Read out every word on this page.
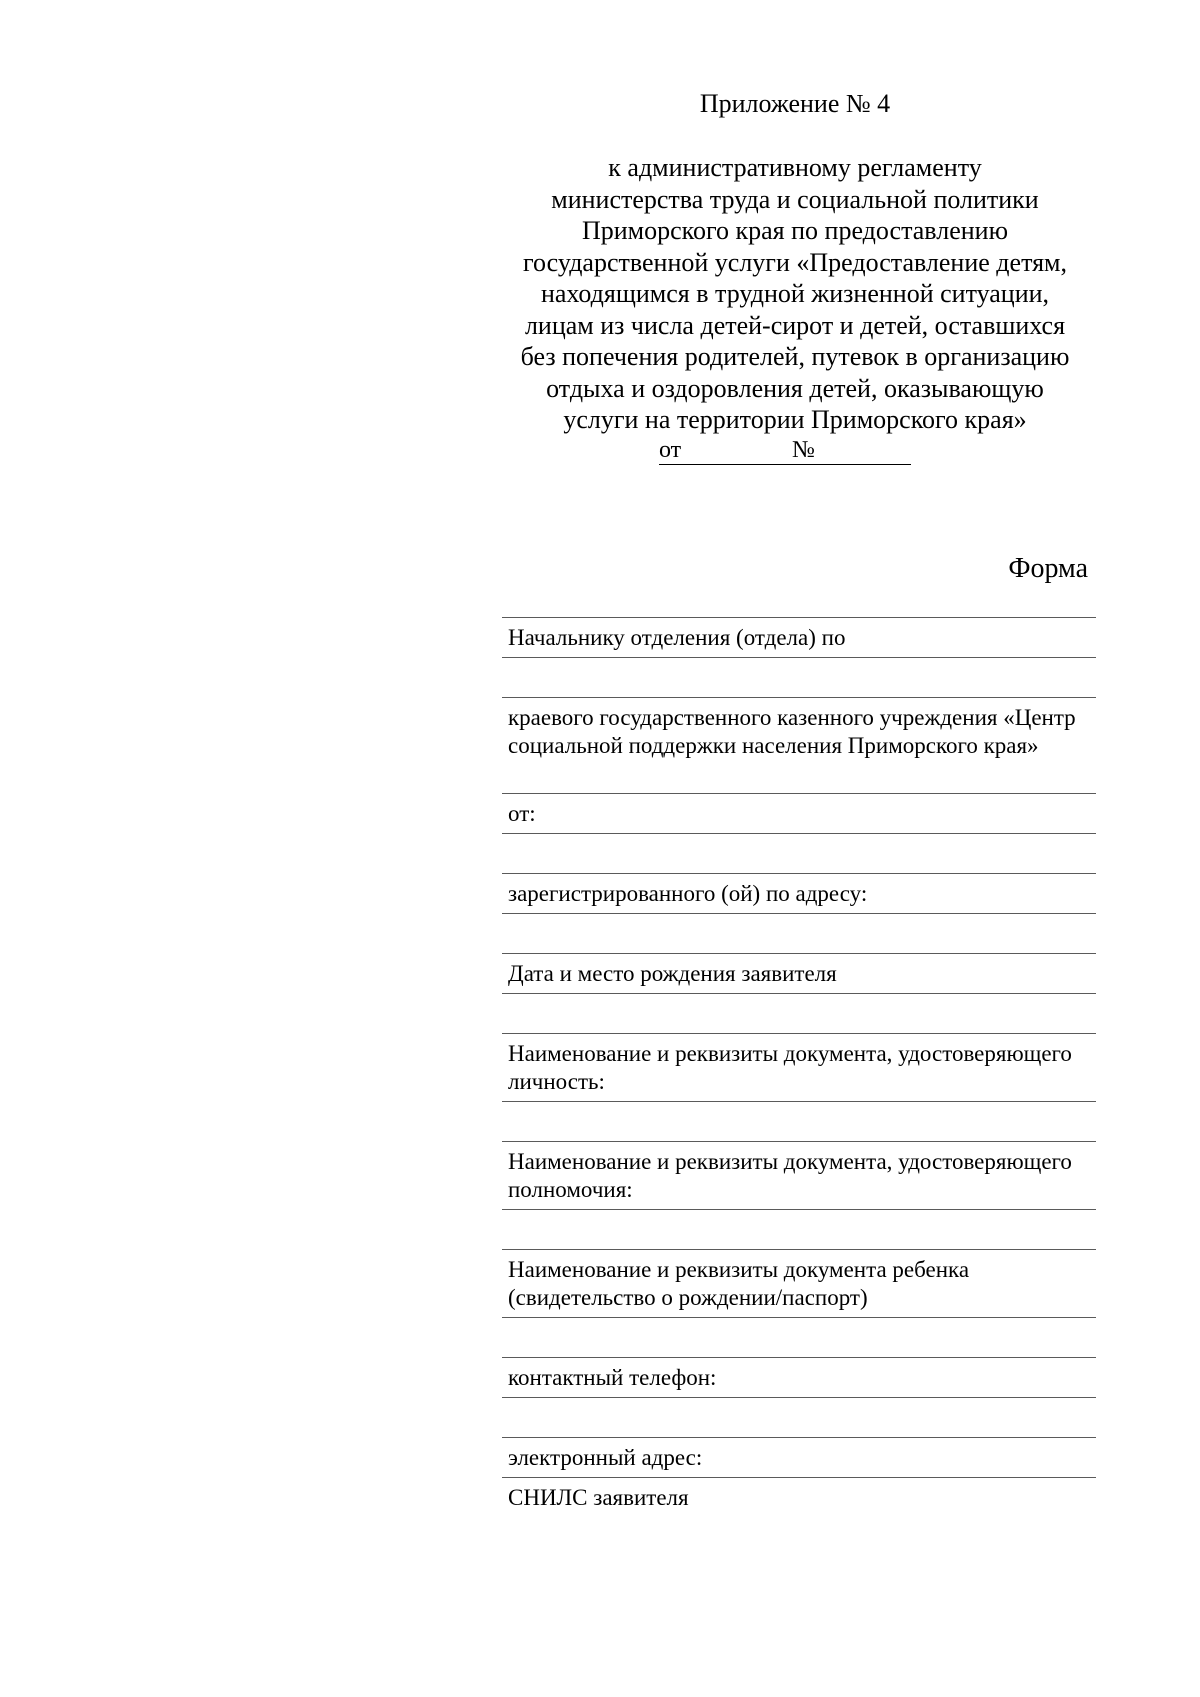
Приложение № 4
к административному регламенту
министерства труда и социальной политики
Приморского края по предоставлению
государственной услуги «Предоставление детям,
находящимся в трудной жизненной ситуации,
лицам из числа детей-сирот и детей, оставшихся
без попечения родителей, путевок в организацию
отдыха и оздоровления детей, оказывающую
услуги на территории Приморского края»
от	№
Форма
Начальнику отделения (отдела) по
краевого государственного казенного учреждения «Центр
социальной поддержки населения Приморского края»
от:
зарегистрированного (ой) по адресу:
Дата и место рождения заявителя
Наименование и реквизиты документа, удостоверяющего
личность:
Наименование и реквизиты документа, удостоверяющего
полномочия:
Наименование и реквизиты документа ребенка
(свидетельство о рождении/паспорт)
контактный телефон:
электронный адрес:
СНИЛС заявителя
